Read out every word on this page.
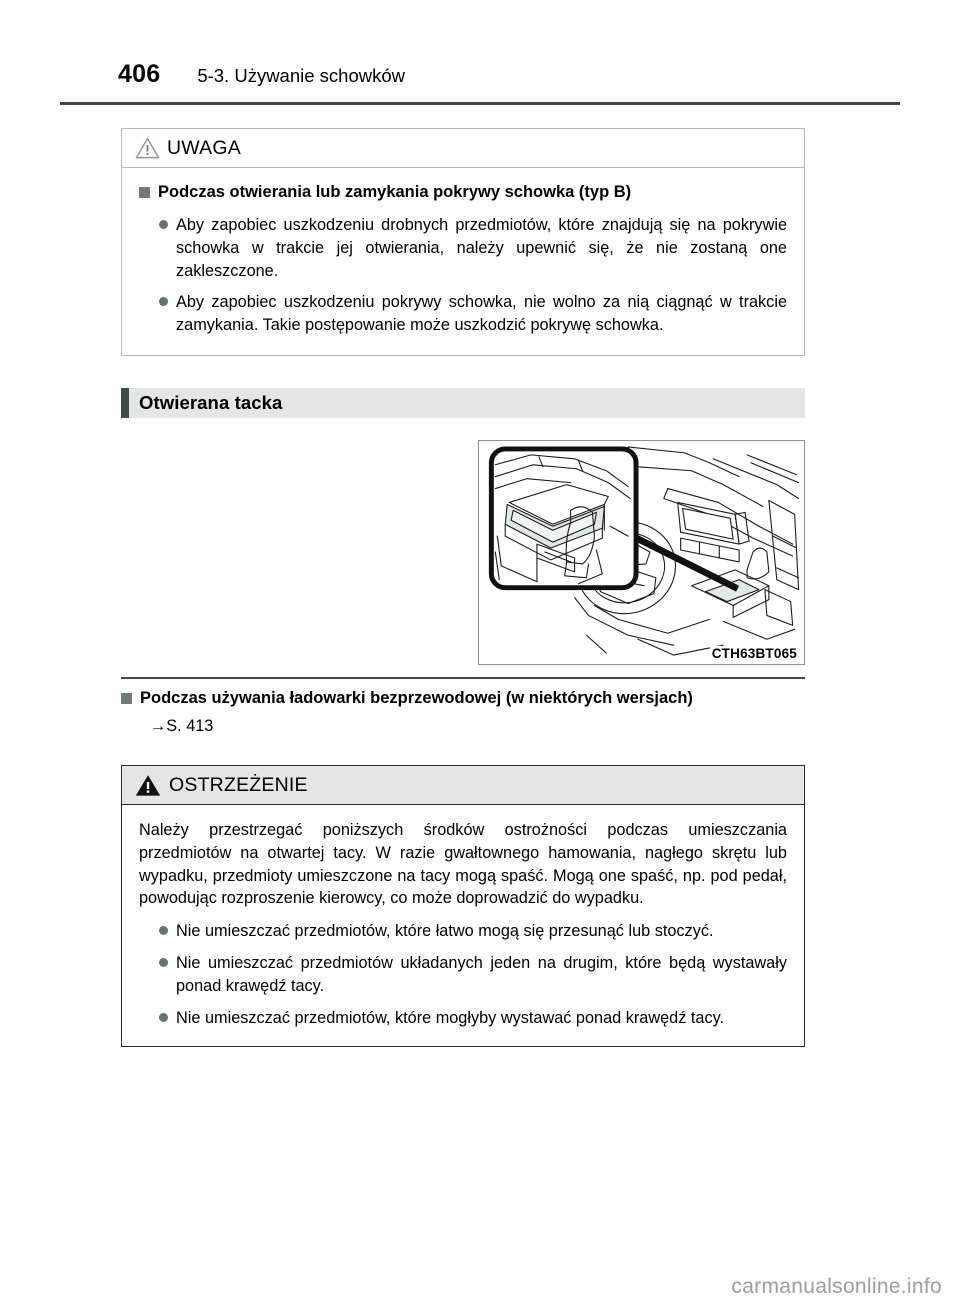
406 5-3. Używanie schowków
UWAGA
Podczas otwierania lub zamykania pokrywy schowka (typ B)
Aby zapobiec uszkodzeniu drobnych przedmiotów, które znajdują się na pokrywie schowka w trakcie jej otwierania, należy upewnić się, że nie zostaną one zakleszczone.
Aby zapobiec uszkodzeniu pokrywy schowka, nie wolno za nią ciągnąć w trakcie zamykania. Takie postępowanie może uszkodzić pokrywę schowka.
Otwierana tacka
CTH63BT065
Podczas używania ładowarki bezprzewodowej (w niektórych wersjach)
→S. 413
OSTRZEŻENIE

Należy przestrzegać poniższych środków ostrożności podczas umieszczania przedmiotów na otwartej tacy. W razie gwałtownego hamowania, nagłego skrętu lub wypadku, przedmioty umieszczone na tacy mogą spaść. Mogą one spaść, np. pod pedał, powodując rozproszenie kierowcy, co może doprowadzić do wypadku.

Nie umieszczać przedmiotów, które łatwo mogą się przesunąć lub stoczyć.
Nie umieszczać przedmiotów układanych jeden na drugim, które będą wystawały ponad krawędź tacy.
Nie umieszczać przedmiotów, które mogłyby wystawać ponad krawędź tacy.
carmanualsonline.info
